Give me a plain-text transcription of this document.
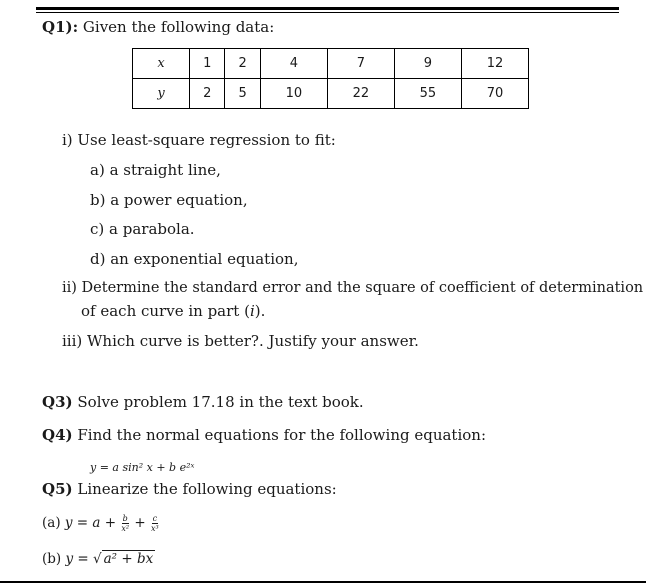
Q1): Given the following data:
x	1	2	4	7	9	12
y	2	5	10	22	55	70
i) Use least-square regression to fit:
a) a straight line,
b) a power equation,
c) a parabola.
d) an exponential equation,
ii) Determine the standard error and the square of coefficient of determination
of each curve in part (i).
iii) Which curve is better?. Justify your answer.
Q3) Solve problem 17.18 in the text book.
Q4) Find the normal equations for the following equation:
y = a sin² x + b e²ˣ
Q5) Linearize the following equations:
(a) $y = a + \frac{b}{\text{x²}} + \frac{c}{\text{x³}}$
(b) y = √ a² + bx
